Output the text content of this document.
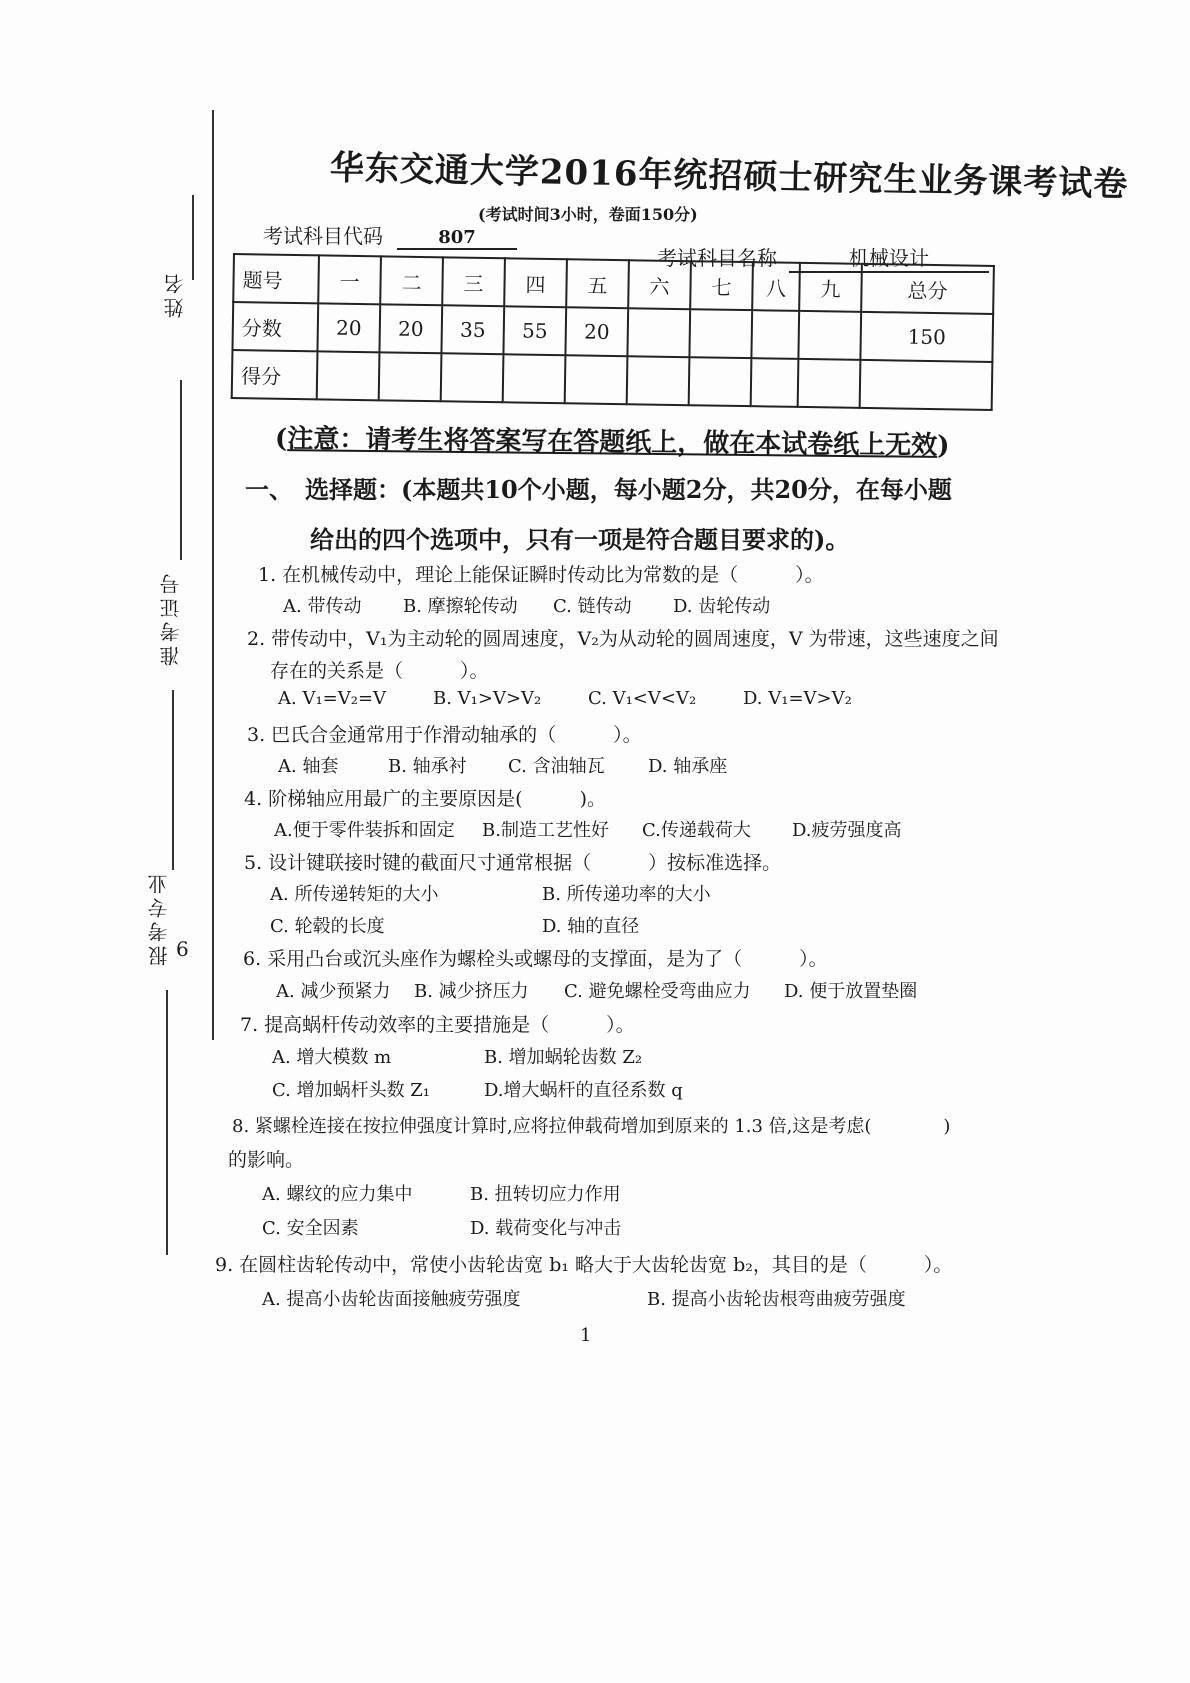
姓名
准考证号
报考专业 6
华东交通大学2016年统招硕士研究生业务课考试卷
(考试时间3小时，卷面150分)
考试科目代码	807
考试科目名称	机械设计
题号	一	二	三	四	五	六	七	八	九	总分
分数	20	20	35	55	20					150
得分										
(注意：请考生将答案写在答题纸上，做在本试卷纸上无效)
一、 选择题：(本题共10个小题，每小题2分，共20分，在每小题
给出的四个选项中，只有一项是符合题目要求的)。
1. 在机械传动中，理论上能保证瞬时传动比为常数的是（　　　）。
A. 带传动 B. 摩擦轮传动 C. 链传动 D. 齿轮传动
2. 带传动中，V₁为主动轮的圆周速度，V₂为从动轮的圆周速度，V 为带速，这些速度之间
存在的关系是（　　　）。
A. V₁=V₂=V	B. V₁>V>V₂	C. V₁<V<V₂	D. V₁=V>V₂
3. 巴氏合金通常用于作滑动轴承的（　　　）。
A. 轴套	B. 轴承衬 C. 含油轴瓦 D. 轴承座
4. 阶梯轴应用最广的主要原因是(　　　)。
A.便于零件装拆和固定 B.制造工艺性好 C.传递载荷大 D.疲劳强度高
5. 设计键联接时键的截面尺寸通常根据（　　　）按标准选择。
A. 所传递转矩的大小	B. 所传递功率的大小
C. 轮毂的长度	D. 轴的直径
6. 采用凸台或沉头座作为螺栓头或螺母的支撑面，是为了（　　　）。
A. 减少预紧力 B. 减少挤压力 C. 避免螺栓受弯曲应力 D. 便于放置垫圈
7. 提高蜗杆传动效率的主要措施是（　　　）。
A. 增大模数 m	B. 增加蜗轮齿数 Z₂
C. 增加蜗杆头数 Z₁	D.增大蜗杆的直径系数 q
8. 紧螺栓连接在按拉伸强度计算时,应将拉伸载荷增加到原来的 1.3 倍,这是考虑(　　　　)
的影响。
A. 螺纹的应力集中	B. 扭转切应力作用
C. 安全因素	D. 载荷变化与冲击
9. 在圆柱齿轮传动中，常使小齿轮齿宽 b₁ 略大于大齿轮齿宽 b₂，其目的是（　　　）。
A. 提高小齿轮齿面接触疲劳强度	B. 提高小齿轮齿根弯曲疲劳强度
1
